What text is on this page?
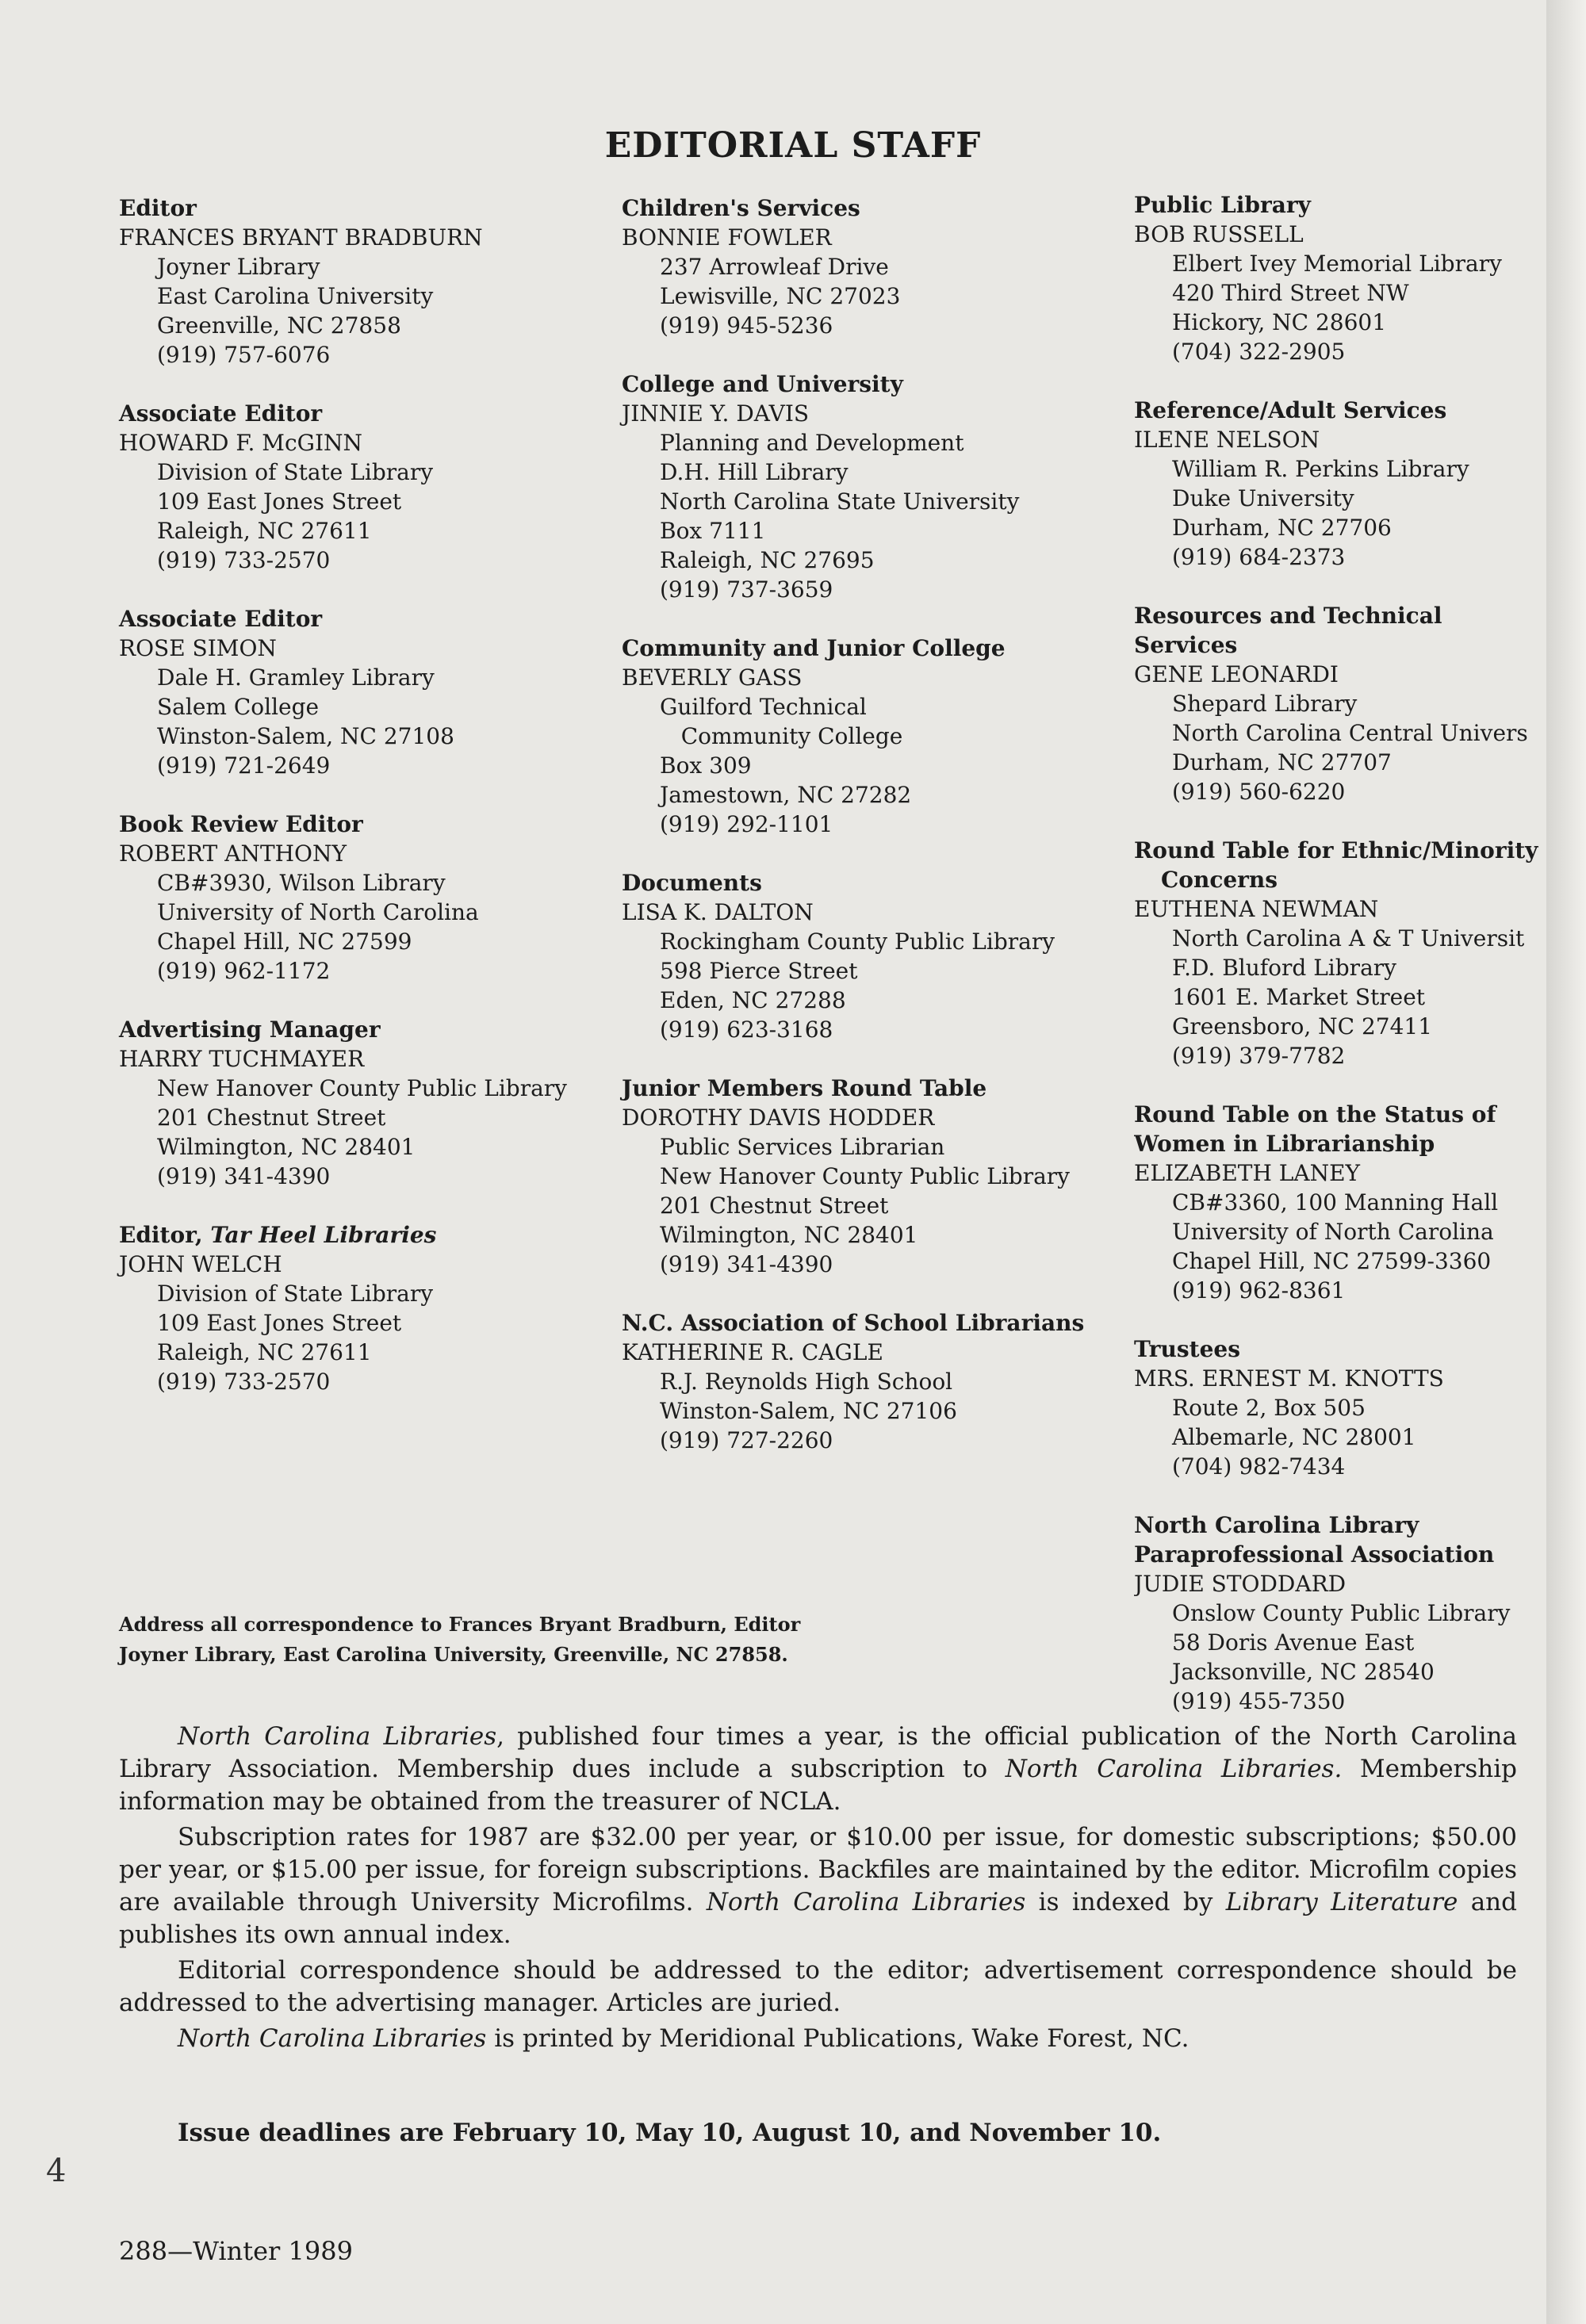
EDITORIAL STAFF
Editor
FRANCES BRYANT BRADBURN
Joyner Library
East Carolina University
Greenville, NC 27858
(919) 757-6076
Associate Editor
HOWARD F. McGINN
Division of State Library
109 East Jones Street
Raleigh, NC 27611
(919) 733-2570
Associate Editor
ROSE SIMON
Dale H. Gramley Library
Salem College
Winston-Salem, NC 27108
(919) 721-2649
Book Review Editor
ROBERT ANTHONY
CB#3930, Wilson Library
University of North Carolina
Chapel Hill, NC 27599
(919) 962-1172
Advertising Manager
HARRY TUCHMAYER
New Hanover County Public Library
201 Chestnut Street
Wilmington, NC 28401
(919) 341-4390
Editor, Tar Heel Libraries
JOHN WELCH
Division of State Library
109 East Jones Street
Raleigh, NC 27611
(919) 733-2570
Children's Services
BONNIE FOWLER
237 Arrowleaf Drive
Lewisville, NC 27023
(919) 945-5236
College and University
JINNIE Y. DAVIS
Planning and Development
D.H. Hill Library
North Carolina State University
Box 7111
Raleigh, NC 27695
(919) 737-3659
Community and Junior College
BEVERLY GASS
Guilford Technical
Community College
Box 309
Jamestown, NC 27282
(919) 292-1101
Documents
LISA K. DALTON
Rockingham County Public Library
598 Pierce Street
Eden, NC 27288
(919) 623-3168
Junior Members Round Table
DOROTHY DAVIS HODDER
Public Services Librarian
New Hanover County Public Library
201 Chestnut Street
Wilmington, NC 28401
(919) 341-4390
N.C. Association of School Librarians
KATHERINE R. CAGLE
R.J. Reynolds High School
Winston-Salem, NC 27106
(919) 727-2260
Public Library
BOB RUSSELL
Elbert Ivey Memorial Library
420 Third Street NW
Hickory, NC 28601
(704) 322-2905
Reference/Adult Services
ILENE NELSON
William R. Perkins Library
Duke University
Durham, NC 27706
(919) 684-2373
Resources and Technical Services
GENE LEONARDI
Shepard Library
North Carolina Central Univers
Durham, NC 27707
(919) 560-6220
Round Table for Ethnic/Minority
Concerns
EUTHENA NEWMAN
North Carolina A & T Universit
F.D. Bluford Library
1601 E. Market Street
Greensboro, NC 27411
(919) 379-7782
Round Table on the Status of
Women in Librarianship
ELIZABETH LANEY
CB#3360, 100 Manning Hall
University of North Carolina
Chapel Hill, NC 27599-3360
(919) 962-8361
Trustees
MRS. ERNEST M. KNOTTS
Route 2, Box 505
Albemarle, NC 28001
(704) 982-7434
North Carolina Library
Paraprofessional Association
JUDIE STODDARD
Onslow County Public Library
58 Doris Avenue East
Jacksonville, NC 28540
(919) 455-7350
Address all correspondence to Frances Bryant Bradburn, Editor
Joyner Library, East Carolina University, Greenville, NC 27858.

North Carolina Libraries, published four times a year, is the official publication of the North Carolina Library Association. Membership dues include a subscription to North Carolina Libraries. Membership information may be obtained from the treasurer of NCLA.

Subscription rates for 1987 are $32.00 per year, or $10.00 per issue, for domestic subscriptions; $50.00 per year, or $15.00 per issue, for foreign subscriptions. Backfiles are maintained by the editor. Microfilm copies are available through University Microfilms. North Carolina Libraries is indexed by Library Literature and publishes its own annual index.

Editorial correspondence should be addressed to the editor; advertisement correspondence should be addressed to the advertising manager. Articles are juried.

North Carolina Libraries is printed by Meridional Publications, Wake Forest, NC.

Issue deadlines are February 10, May 10, August 10, and November 10.
4
288—Winter 1989
